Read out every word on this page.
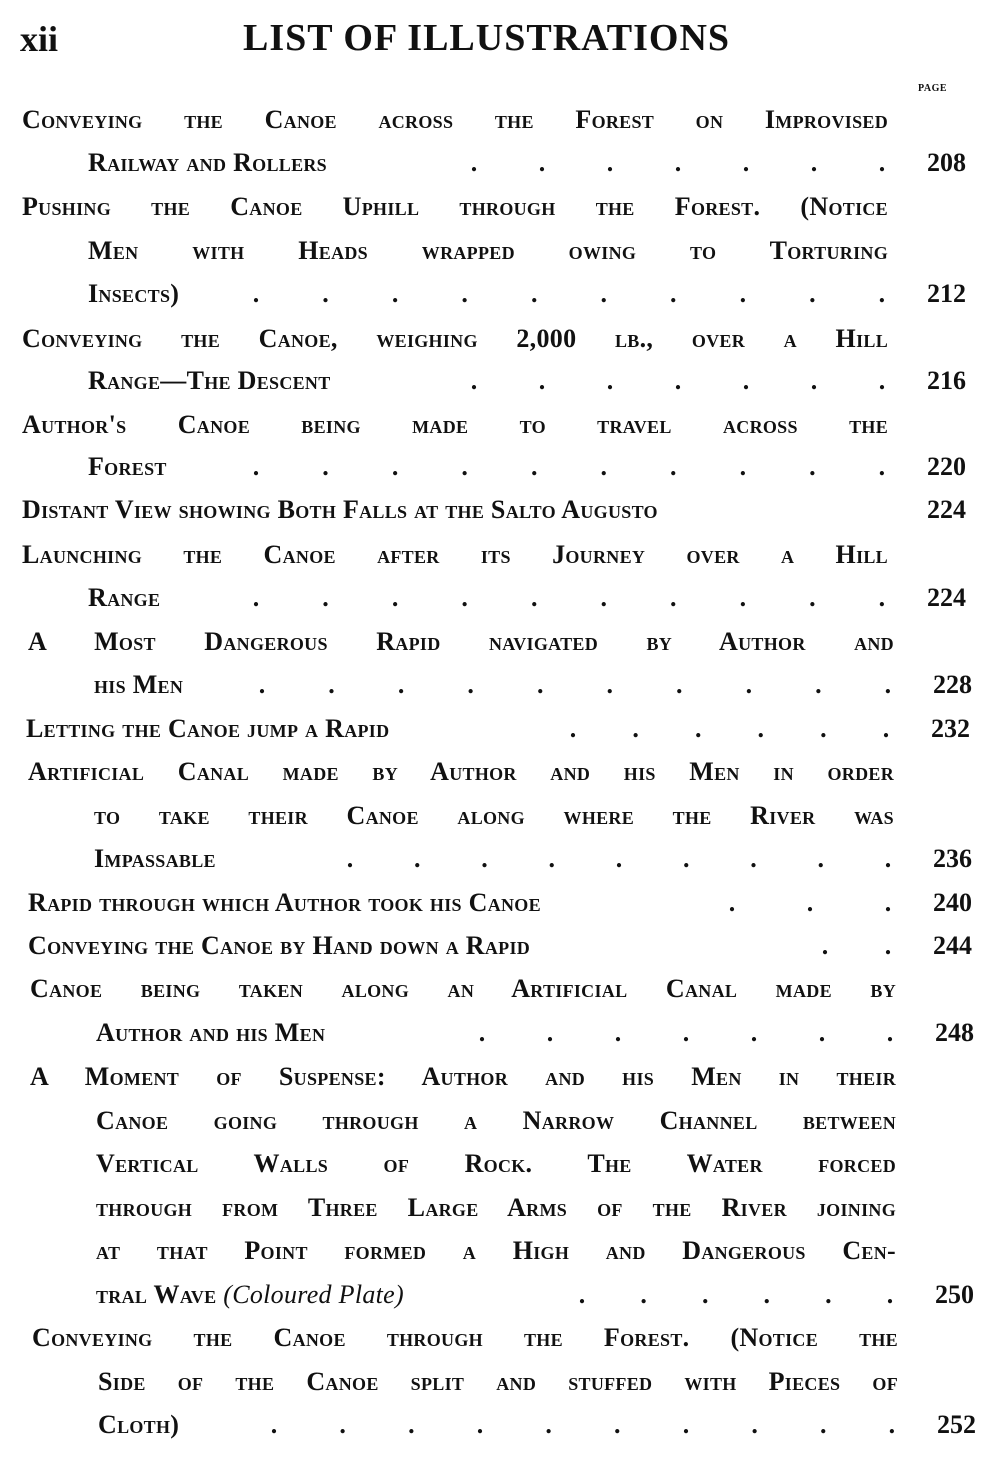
xii	LIST OF ILLUSTRATIONS
PAGE
Conveying the Canoe across the Forest on Improvised
Railway and Rollers	. . . . . . .	208
Pushing the Canoe Uphill through the Forest. (Notice
Men with Heads wrapped owing to Torturing
Insects)	. . . . . . . . . .	212
Conveying the Canoe, weighing 2,000 lb., over a Hill
Range—The Descent	. . . . . . .	216
Author's Canoe being made to travel across the
Forest	. . . . . . . . . .	220
Distant View showing Both Falls at the Salto Augusto	224
Launching the Canoe after its Journey over a Hill
Range	. . . . . . . . . .	224
A Most Dangerous Rapid navigated by Author and
his Men	. . . . . . . . . .	228
Letting the Canoe jump a Rapid	. . . . . .	232
Artificial Canal made by Author and his Men in order
to take their Canoe along where the River was
Impassable	. . . . . . . . .	236
Rapid through which Author took his Canoe	.	.	.	240
Conveying the Canoe by Hand down a Rapid	. .	244
Canoe being taken along an Artificial Canal made by
Author and his Men	. . . . . . .	248
A Moment of Suspense: Author and his Men in their
Canoe going through a Narrow Channel between
Vertical Walls of Rock. The Water forced
through from Three Large Arms of the River joining
at that Point formed a High and Dangerous Cen-
tral Wave (Coloured Plate)	. . . . . .	250
Conveying the Canoe through the Forest. (Notice the
Side of the Canoe split and stuffed with Pieces of
Cloth)	. . . . . . . . . .	252
